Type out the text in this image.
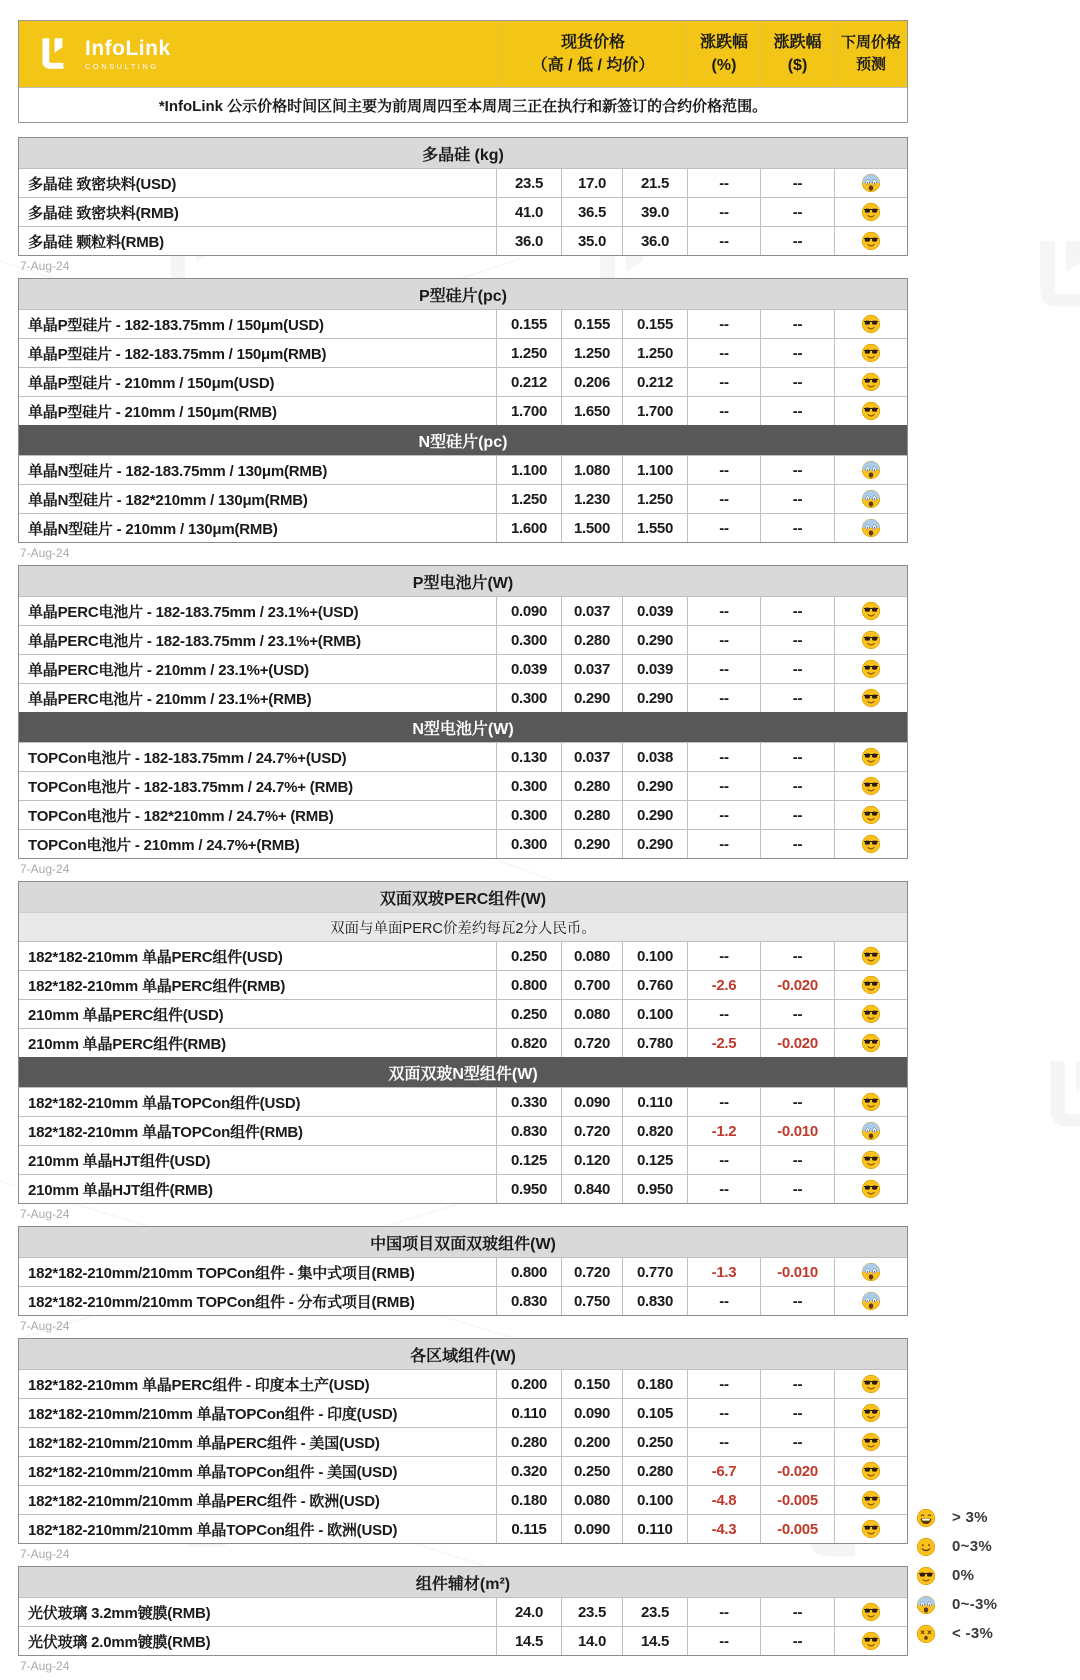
InfoLink
CONSULTING
现货价格
（高 / 低 / 均价）
涨跌幅
(%)
涨跌幅
($)
下周价格
预测
*InfoLink 公示价格时间区间主要为前周周四至本周周三正在执行和新签订的合约价格范围。
多晶硅 (kg)
多晶硅 致密块料(USD)	23.5	17.0	21.5	--	--
多晶硅 致密块料(RMB)	41.0	36.5	39.0	--	--
多晶硅 颗粒料(RMB)	36.0	35.0	36.0	--	--
7-Aug-24
P型硅片(pc)
单晶P型硅片 - 182-183.75mm / 150μm(USD)	0.155	0.155	0.155	--	--
单晶P型硅片 - 182-183.75mm / 150μm(RMB)	1.250	1.250	1.250	--	--
单晶P型硅片 - 210mm / 150μm(USD)	0.212	0.206	0.212	--	--
单晶P型硅片 - 210mm / 150μm(RMB)	1.700	1.650	1.700	--	--
N型硅片(pc)
单晶N型硅片 - 182-183.75mm / 130μm(RMB)	1.100	1.080	1.100	--	--
单晶N型硅片 - 182*210mm / 130μm(RMB)	1.250	1.230	1.250	--	--
单晶N型硅片 - 210mm / 130μm(RMB)	1.600	1.500	1.550	--	--
7-Aug-24
P型电池片(W)
单晶PERC电池片 - 182-183.75mm / 23.1%+(USD)	0.090	0.037	0.039	--	--
单晶PERC电池片 - 182-183.75mm / 23.1%+(RMB)	0.300	0.280	0.290	--	--
单晶PERC电池片 - 210mm / 23.1%+(USD)	0.039	0.037	0.039	--	--
单晶PERC电池片 - 210mm / 23.1%+(RMB)	0.300	0.290	0.290	--	--
N型电池片(W)
TOPCon电池片 - 182-183.75mm / 24.7%+(USD)	0.130	0.037	0.038	--	--
TOPCon电池片 - 182-183.75mm / 24.7%+ (RMB)	0.300	0.280	0.290	--	--
TOPCon电池片 - 182*210mm / 24.7%+ (RMB)	0.300	0.280	0.290	--	--
TOPCon电池片 - 210mm / 24.7%+(RMB)	0.300	0.290	0.290	--	--
7-Aug-24
双面双玻PERC组件(W)
双面与单面PERC价差约每瓦2分人民币。
182*182-210mm 单晶PERC组件(USD)	0.250	0.080	0.100	--	--
182*182-210mm 单晶PERC组件(RMB)	0.800	0.700	0.760	-2.6	-0.020
210mm 单晶PERC组件(USD)	0.250	0.080	0.100	--	--
210mm 单晶PERC组件(RMB)	0.820	0.720	0.780	-2.5	-0.020
双面双玻N型组件(W)
182*182-210mm 单晶TOPCon组件(USD)	0.330	0.090	0.110	--	--
182*182-210mm 单晶TOPCon组件(RMB)	0.830	0.720	0.820	-1.2	-0.010
210mm 单晶HJT组件(USD)	0.125	0.120	0.125	--	--
210mm 单晶HJT组件(RMB)	0.950	0.840	0.950	--	--
7-Aug-24
中国项目双面双玻组件(W)
182*182-210mm/210mm TOPCon组件 - 集中式项目(RMB)	0.800	0.720	0.770	-1.3	-0.010
182*182-210mm/210mm TOPCon组件 - 分布式项目(RMB)	0.830	0.750	0.830	--	--
7-Aug-24
各区域组件(W)
182*182-210mm 单晶PERC组件 - 印度本土产(USD)	0.200	0.150	0.180	--	--
182*182-210mm/210mm 单晶TOPCon组件 - 印度(USD)	0.110	0.090	0.105	--	--
182*182-210mm/210mm 单晶PERC组件 - 美国(USD)	0.280	0.200	0.250	--	--
182*182-210mm/210mm 单晶TOPCon组件 - 美国(USD)	0.320	0.250	0.280	-6.7	-0.020
182*182-210mm/210mm 单晶PERC组件 - 欧洲(USD)	0.180	0.080	0.100	-4.8	-0.005
182*182-210mm/210mm 单晶TOPCon组件 - 欧洲(USD)	0.115	0.090	0.110	-4.3	-0.005
7-Aug-24
组件辅材(m²)
光伏玻璃 3.2mm镀膜(RMB)	24.0	23.5	23.5	--	--
光伏玻璃 2.0mm镀膜(RMB)	14.5	14.0	14.5	--	--
7-Aug-24
> 3%
0~3%
0%
0~-3%
< -3%
